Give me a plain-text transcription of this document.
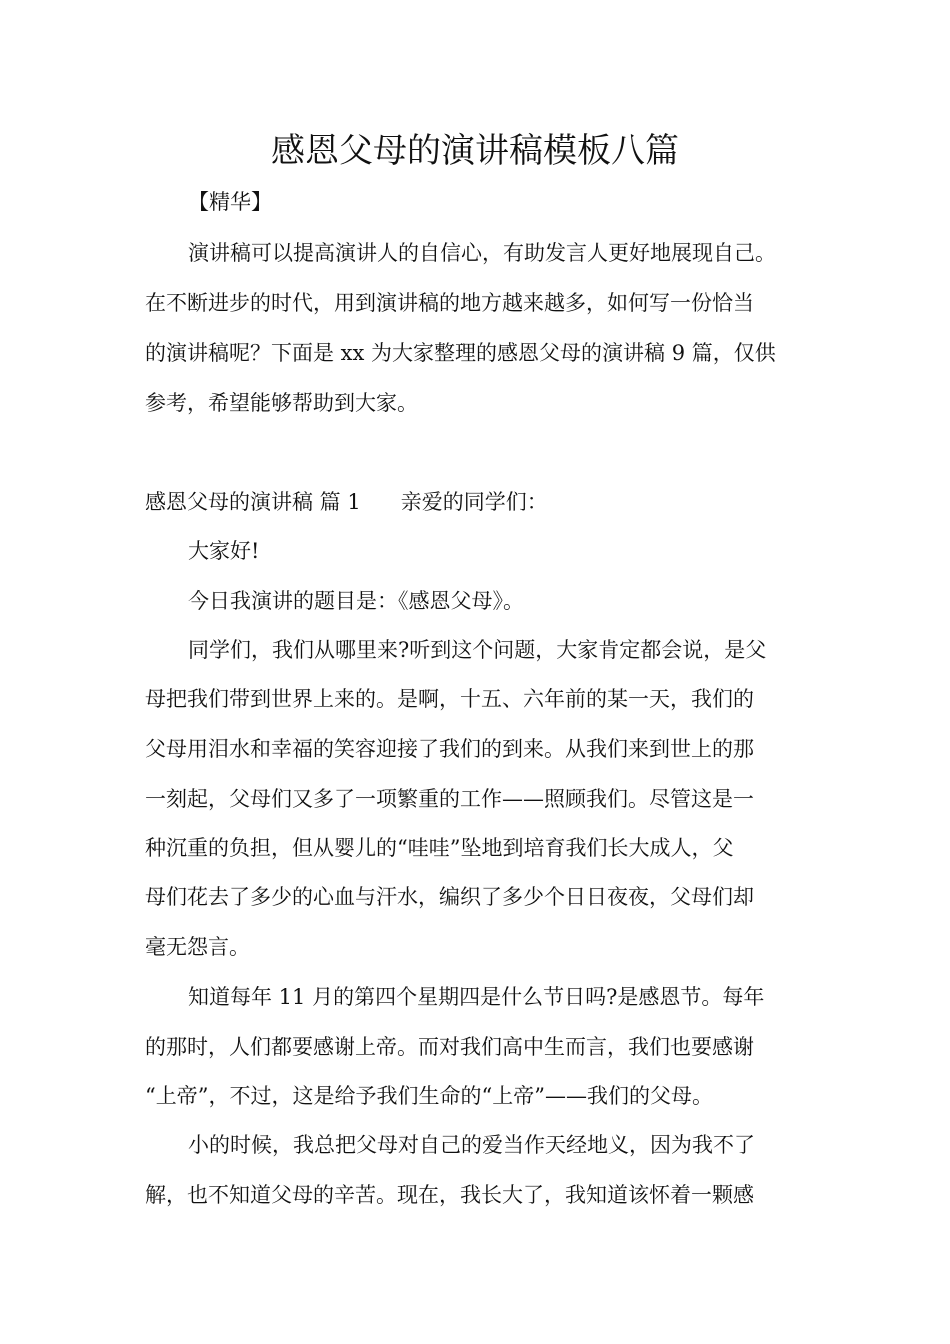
感恩父母的演讲稿模板八篇
【精华】
演讲稿可以提高演讲人的自信心，有助发言人更好地展现自己。
在不断进步的时代，用到演讲稿的地方越来越多，如何写一份恰当
的演讲稿呢？下面是 xx 为大家整理的感恩父母的演讲稿 9 篇，仅供
参考，希望能够帮助到大家。
感恩父母的演讲稿 篇 1 亲爱的同学们：
大家好!
今日我演讲的题目是：《感恩父母》。
同学们，我们从哪里来?听到这个问题，大家肯定都会说，是父
母把我们带到世界上来的。是啊，十五、六年前的某一天，我们的
父母用泪水和幸福的笑容迎接了我们的到来。从我们来到世上的那
一刻起，父母们又多了一项繁重的工作——照顾我们。尽管这是一
种沉重的负担，但从婴儿的“哇哇”坠地到培育我们长大成人，父
母们花去了多少的心血与汗水，编织了多少个日日夜夜，父母们却
毫无怨言。
知道每年 11 月的第四个星期四是什么节日吗?是感恩节。每年
的那时，人们都要感谢上帝。而对我们高中生而言，我们也要感谢
“上帝”，不过，这是给予我们生命的“上帝”——我们的父母。
小的时候，我总把父母对自己的爱当作天经地义，因为我不了
解，也不知道父母的辛苦。现在，我长大了，我知道该怀着一颗感
